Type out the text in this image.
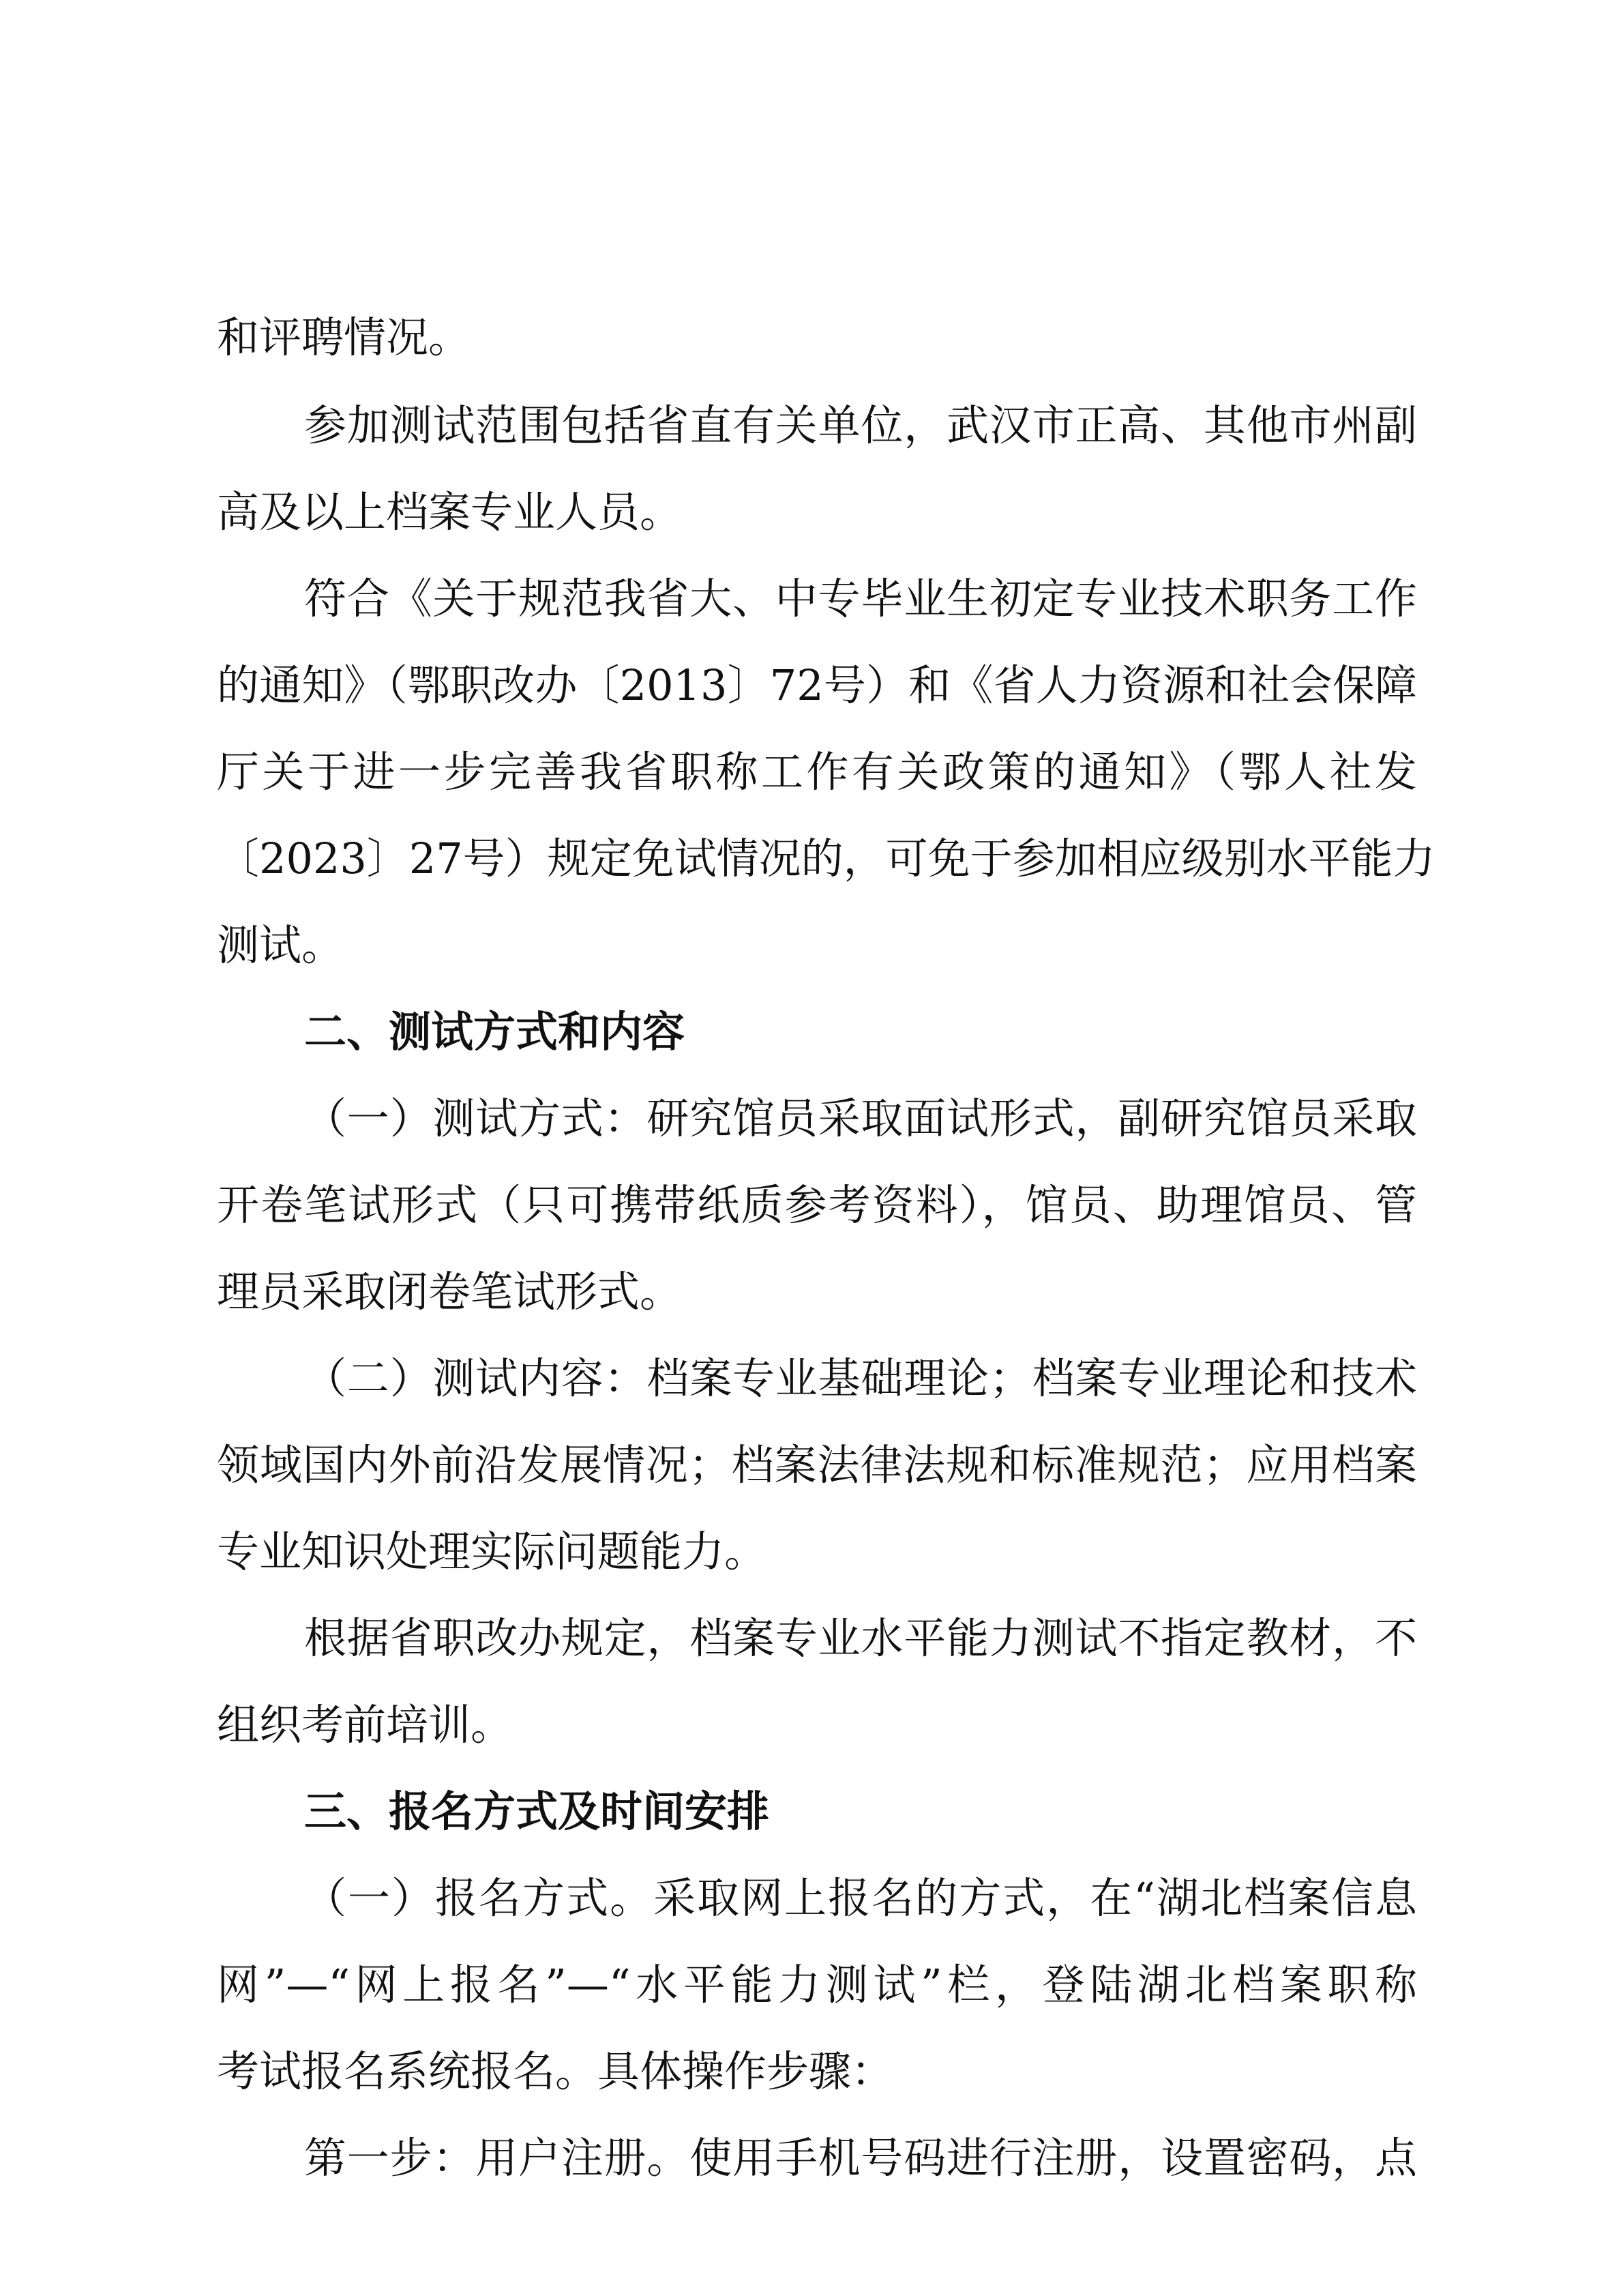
和评聘情况。
参加测试范围包括省直有关单位，武汉市正高、其他市州副
高及以上档案专业人员。
符合《关于规范我省大、中专毕业生初定专业技术职务工作
的通知》（鄂职改办〔2013〕72号）和《省人力资源和社会保障
厅关于进一步完善我省职称工作有关政策的通知》（鄂人社发
〔2023〕27号）规定免试情况的，可免于参加相应级别水平能力
测试。
二、测试方式和内容
（一）测试方式：研究馆员采取面试形式，副研究馆员采取
开卷笔试形式（只可携带纸质参考资料），馆员、助理馆员、管
理员采取闭卷笔试形式。
（二）测试内容：档案专业基础理论；档案专业理论和技术
领域国内外前沿发展情况；档案法律法规和标准规范；应用档案
专业知识处理实际问题能力。
根据省职改办规定，档案专业水平能力测试不指定教材，不
组织考前培训。
三、报名方式及时间安排
（一）报名方式。采取网上报名的方式，在“湖北档案信息
网”—“网上报名”—“水平能力测试”栏，登陆湖北档案职称
考试报名系统报名。具体操作步骤：
第一步：用户注册。使用手机号码进行注册，设置密码，点
